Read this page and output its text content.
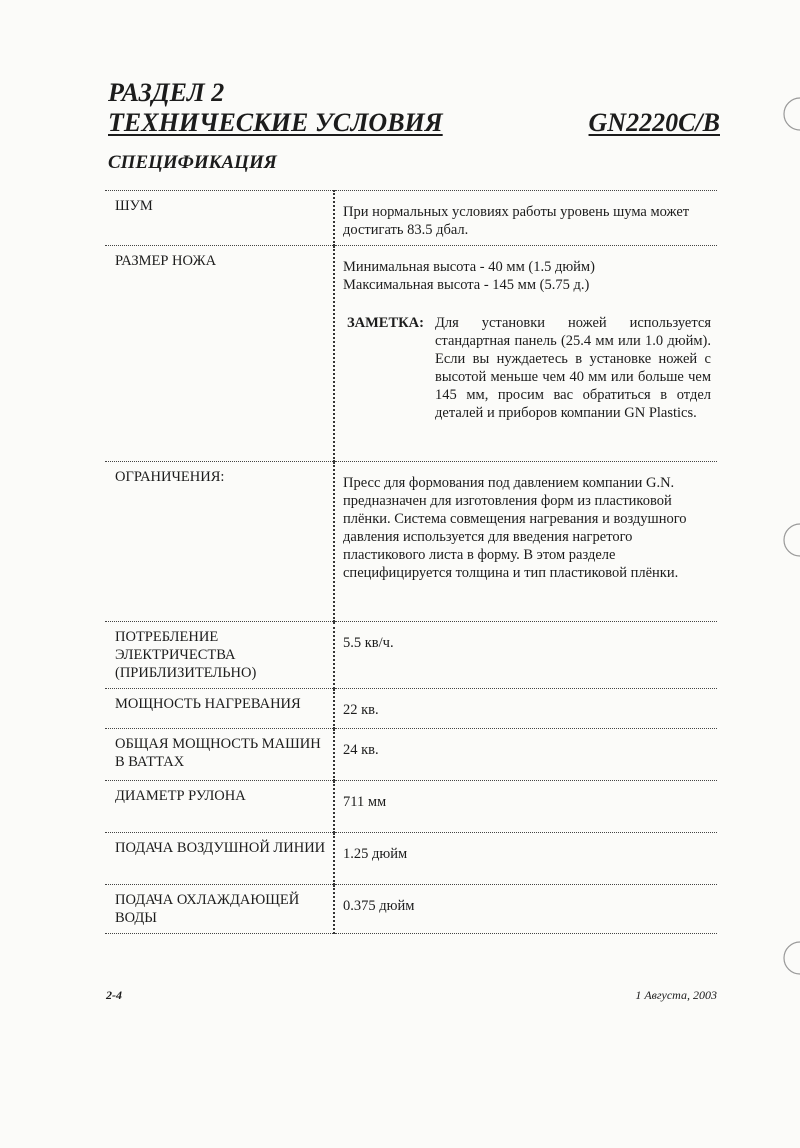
РАЗДЕЛ 2
ТЕХНИЧЕСКИЕ УСЛОВИЯ	GN2220C/B
СПЕЦИФИКАЦИЯ
ШУМ	При нормальных условиях работы уровень шума может достигать 83.5 дбал.
РАЗМЕР НОЖА	Минимальная высота - 40 мм (1.5 дюйм)
Максимальная высота - 145 мм (5.75 д.)
ЗАМЕТКА: Для установки ножей используется стандартная панель (25.4 мм или 1.0 дюйм). Если вы нуждаетесь в установке ножей с высотой меньше чем 40 мм или больше чем 145 мм, просим вас обратиться в отдел деталей и приборов компании GN Plastics.

ОГРАНИЧЕНИЯ:	Пресс для формования под давлением компании G.N. предназначен для изготовления форм из пластиковой плёнки. Система совмещения нагревания и воздушного давления используется для введения нагретого пластикового листа в форму. В этом разделе специфицируется толщина и тип пластиковой плёнки.
ПОТРЕБЛЕНИЕ ЭЛЕКТРИЧЕСТВА (ПРИБЛИЗИТЕЛЬНО)	5.5 кв/ч.
МОЩНОСТЬ НАГРЕВАНИЯ	22 кв.
ОБЩАЯ МОЩНОСТЬ МАШИН В ВАТТАХ	24 кв.
ДИАМЕТР РУЛОНА	711 мм
ПОДАЧА ВОЗДУШНОЙ ЛИНИИ	1.25 дюйм
ПОДАЧА ОХЛАЖДАЮЩЕЙ ВОДЫ	0.375 дюйм
2-4	1 Августа, 2003
